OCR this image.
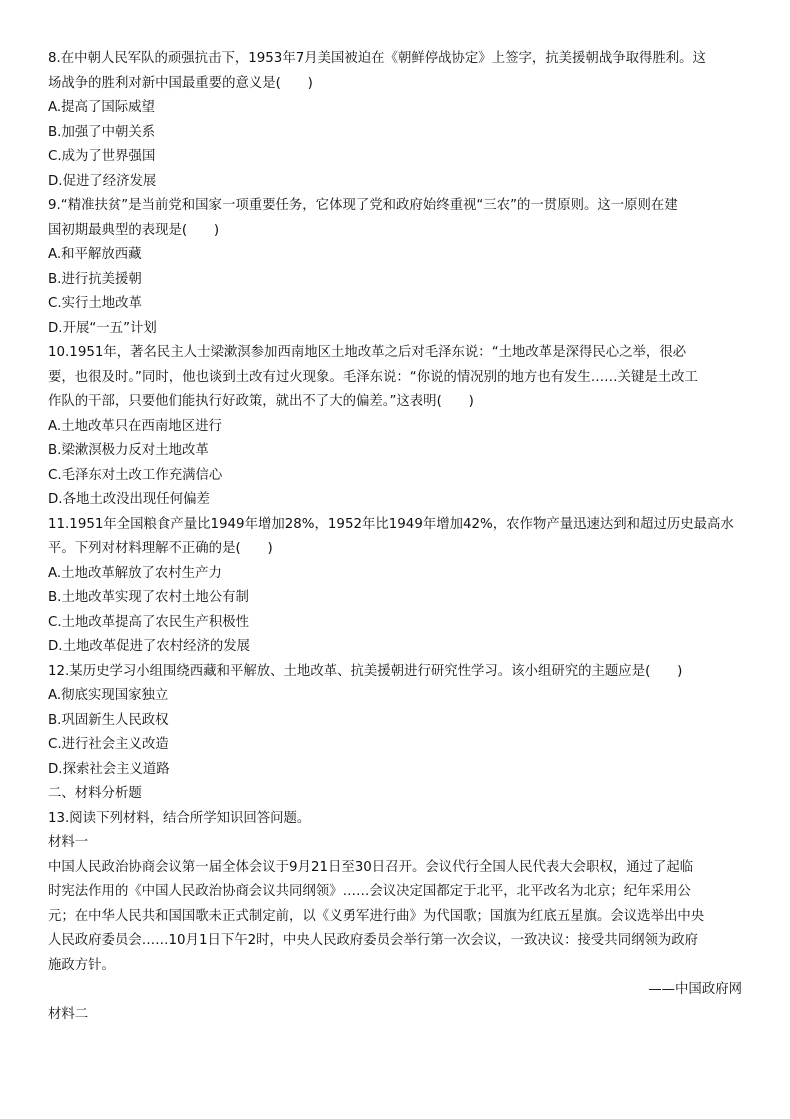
8.在中朝人民军队的顽强抗击下，1953年7月美国被迫在《朝鲜停战协定》上签字，抗美援朝战争取得胜利。这
场战争的胜利对新中国最重要的意义是(　　)
A.提高了国际威望
B.加强了中朝关系
C.成为了世界强国
D.促进了经济发展
9.“精准扶贫”是当前党和国家一项重要任务，它体现了党和政府始终重视“三农”的一贯原则。这一原则在建
国初期最典型的表现是(　　)
A.和平解放西藏
B.进行抗美援朝
C.实行土地改革
D.开展“一五”计划
10.1951年，著名民主人士梁漱溟参加西南地区土地改革之后对毛泽东说：“土地改革是深得民心之举，很必
要，也很及时。”同时，他也谈到土改有过火现象。毛泽东说：“你说的情况别的地方也有发生……关键是土改工
作队的干部，只要他们能执行好政策，就出不了大的偏差。”这表明(　　)
A.土地改革只在西南地区进行
B.梁漱溟极力反对土地改革
C.毛泽东对土改工作充满信心
D.各地土改没出现任何偏差
11.1951年全国粮食产量比1949年增加28%，1952年比1949年增加42%，农作物产量迅速达到和超过历史最高水
平。下列对材料理解不正确的是(　　)
A.土地改革解放了农村生产力
B.土地改革实现了农村土地公有制
C.土地改革提高了农民生产积极性
D.土地改革促进了农村经济的发展
12.某历史学习小组围绕西藏和平解放、土地改革、抗美援朝进行研究性学习。该小组研究的主题应是(　　)
A.彻底实现国家独立
B.巩固新生人民政权
C.进行社会主义改造
D.探索社会主义道路
二、材料分析题
13.阅读下列材料，结合所学知识回答问题。
材料一
中国人民政治协商会议第一届全体会议于9月21日至30日召开。会议代行全国人民代表大会职权，通过了起临
时宪法作用的《中国人民政治协商会议共同纲领》……会议决定国都定于北平，北平改名为北京；纪年采用公
元；在中华人民共和国国歌未正式制定前，以《义勇军进行曲》为代国歌；国旗为红底五星旗。会议选举出中央
人民政府委员会……10月1日下午2时，中央人民政府委员会举行第一次会议，一致决议：接受共同纲领为政府
施政方针。
——中国政府网
材料二
